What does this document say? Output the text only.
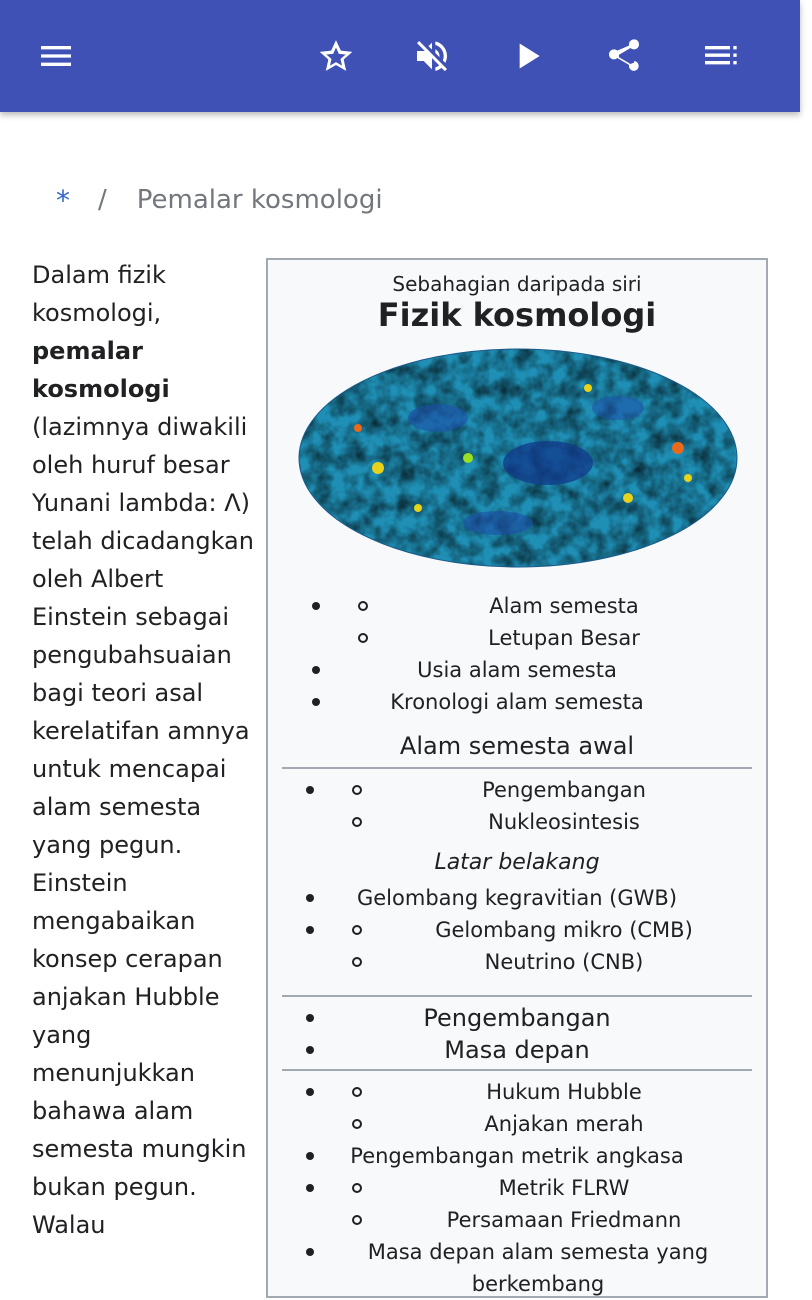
* / Pemalar kosmologi
Dalam fizik kosmologi, pemalar kosmologi (lazimnya diwakili oleh huruf besar Yunani lambda: Λ) telah dicadangkan oleh Albert Einstein sebagai pengubahsuaian bagi teori asal kerelatifan amnya untuk mencapai alam semesta yang pegun. Einstein mengabaikan konsep cerapan anjakan Hubble yang menunjukkan bahawa alam semesta mungkin bukan pegun. Walau
Sebahagian daripada siri
Fizik kosmologi
Alam semesta
Letupan Besar
Usia alam semesta
Kronologi alam semesta
Alam semesta awal
Pengembangan
Nukleosintesis
Latar belakang
Gelombang kegravitian (GWB)
Gelombang mikro (CMB)
Neutrino (CNB)
Pengembangan
Masa depan
Hukum Hubble
Anjakan merah
Pengembangan metrik angkasa
Metrik FLRW
Persamaan Friedmann
Masa depan alam semesta yang berkembang
